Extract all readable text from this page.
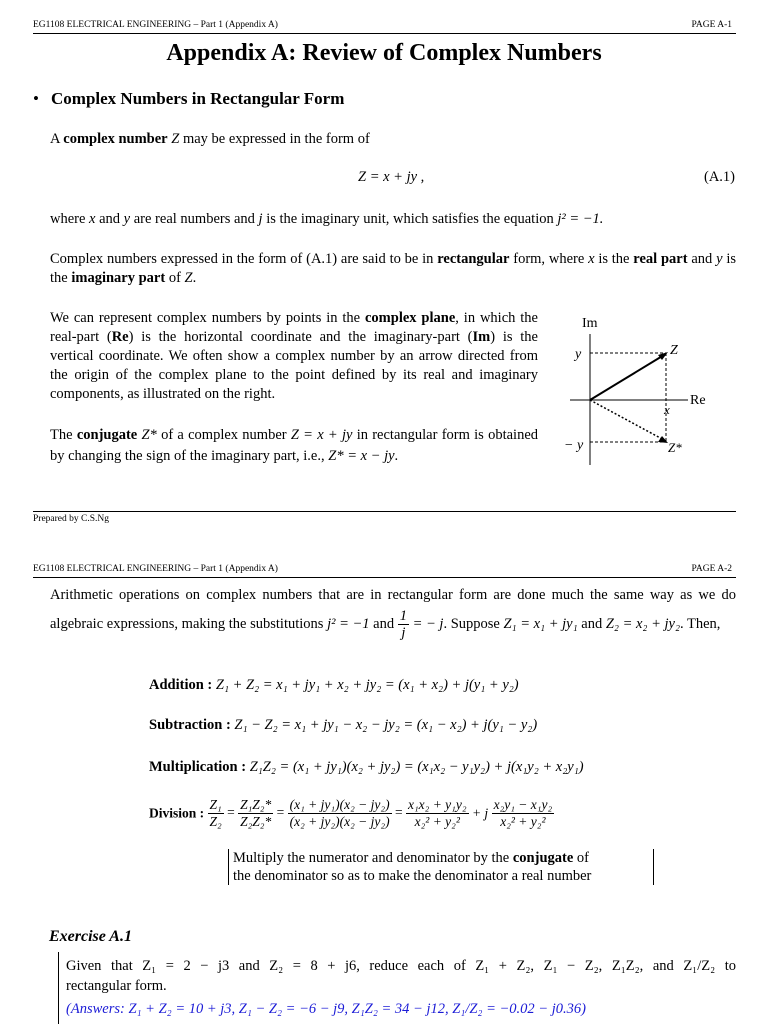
EG1108 ELECTRICAL ENGINEERING – Part 1 (Appendix A)	PAGE A-1
Appendix A: Review of Complex Numbers
• Complex Numbers in Rectangular Form
A complex number Z may be expressed in the form of
Z = x + jy ,	(A.1)
where x and y are real numbers and j is the imaginary unit, which satisfies the equation j² = −1.
Complex numbers expressed in the form of (A.1) are said to be in rectangular form, where x is the real part and y is the imaginary part of Z.
We can represent complex numbers by points in the complex plane, in which the real-part (Re) is the horizontal coordinate and the imaginary-part (Im) is the vertical coordinate. We often show a complex number by an arrow directed from the origin of the complex plane to the point defined by its real and imaginary components, as illustrated on the right.
The conjugate Z* of a complex number Z = x + jy in rectangular form is obtained by changing the sign of the imaginary part, i.e., Z* = x − jy.
Im
Re
y
− y
x
Z
Z*
Prepared by C.S.Ng
EG1108 ELECTRICAL ENGINEERING – Part 1 (Appendix A)	PAGE A-2
Arithmetic operations on complex numbers that are in rectangular form are done much the same way as we do algebraic expressions, making the substitutions j² = −1 and $\frac{1}{j}$ = − j. Suppose Z₁ = x₁ + jy₁ and Z₂ = x₂ + jy₂. Then,
Addition : Z₁ + Z₂ = x₁ + jy₁ + x₂ + jy₂ = (x₁ + x₂) + j(y₁ + y₂)
Subtraction : Z₁ − Z₂ = x₁ + jy₁ − x₂ − jy₂ = (x₁ − x₂) + j(y₁ − y₂)
Multiplication : Z₁Z₂ = (x₁ + jy₁)(x₂ + jy₂) = (x₁x₂ − y₁y₂) + j(x₁y₂ + x₂y₁)
Division : $\frac{\text{Z₁}}{\text{Z₂}} = \frac{\text{Z₁Z₂*}}{\text{Z₂Z₂*}} = \frac{\text{(x₁ + jy₁)(x₂ − jy₂)}}{\text{(x₂ + jy₂)(x₂ − jy₂)}} = \frac{\text{x₁x₂ + y₁y₂}}{\text{x₂² + y₂²}} + j \frac{\text{x₂y₁ − x₁y₂}}{\text{x₂² + y₂²}}$
Multiply the numerator and denominator by the conjugate of
the denominator so as to make the denominator a real number
Exercise A.1
Given that Z₁ = 2 − j3 and Z₂ = 8 + j6, reduce each of Z₁ + Z₂, Z₁ − Z₂, Z₁Z₂, and Z₁/Z₂ to
rectangular form.
(Answers: Z₁ + Z₂ = 10 + j3, Z₁ − Z₂ = −6 − j9, Z₁Z₂ = 34 − j12, Z₁/Z₂ = −0.02 − j0.36)
